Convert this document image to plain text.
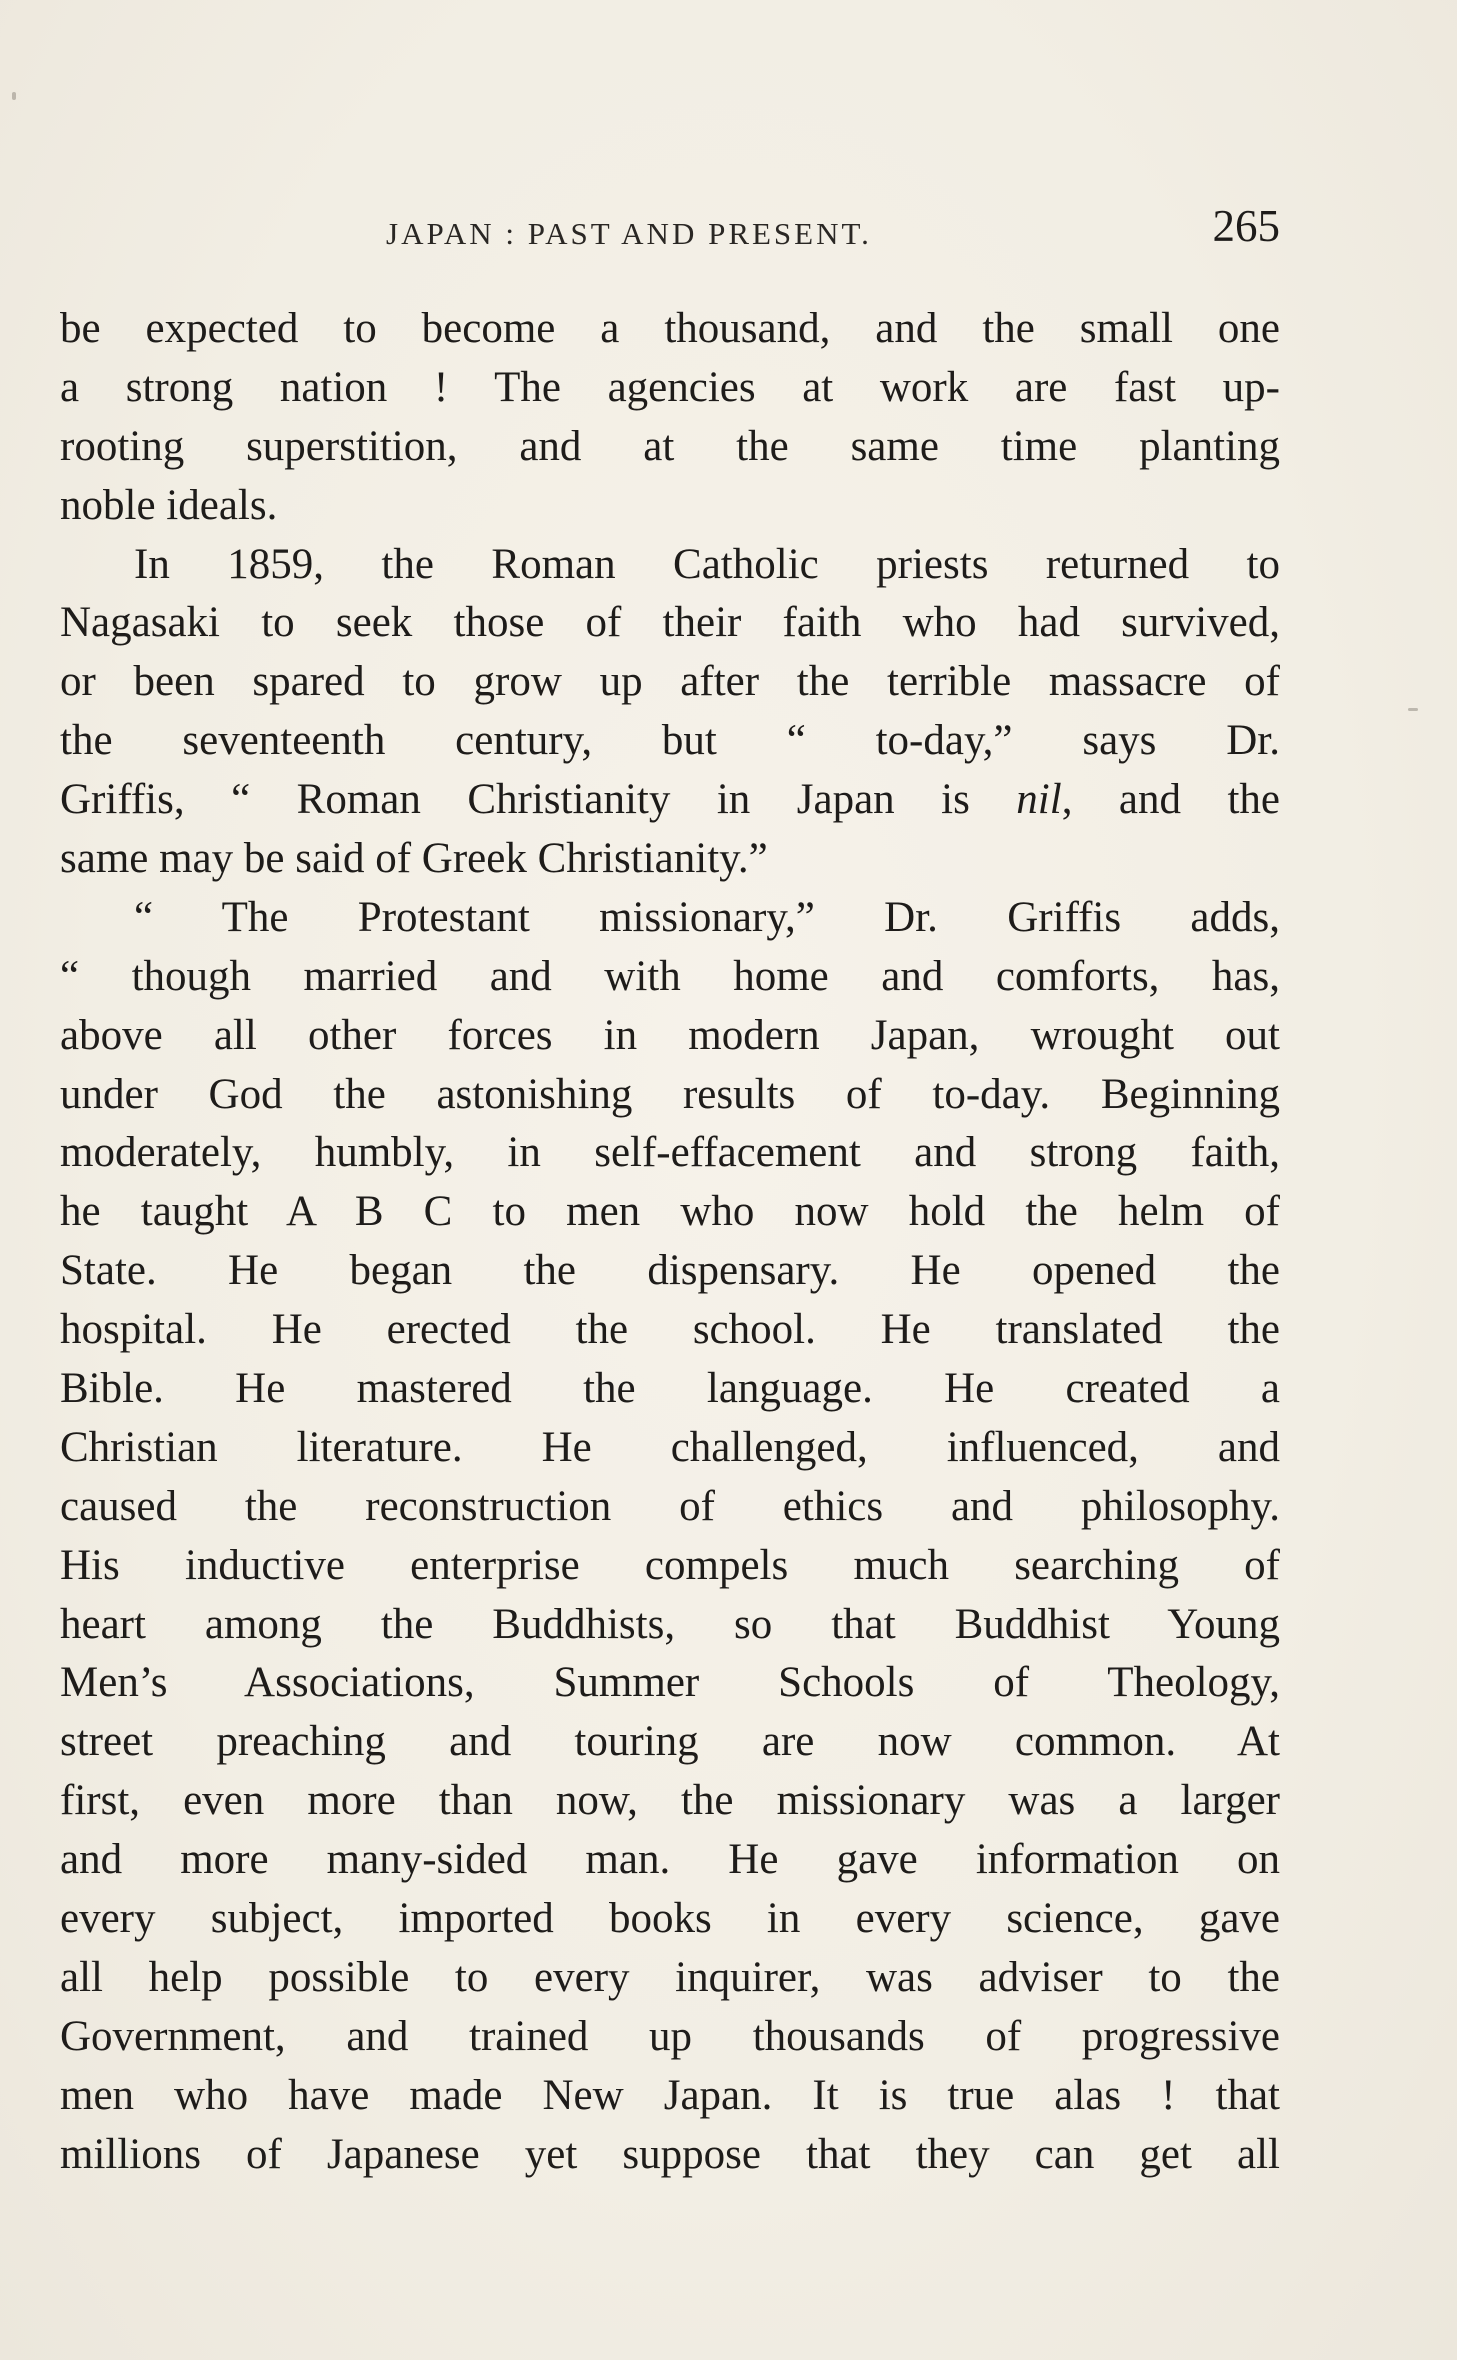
JAPAN : PAST AND PRESENT.	265
be expected to become a thousand, and the small one
a strong nation ! The agencies at work are fast up-
rooting superstition, and at the same time planting
noble ideals.
In 1859, the Roman Catholic priests returned to
Nagasaki to seek those of their faith who had survived,
or been spared to grow up after the terrible massacre of
the seventeenth century, but “ to-day,” says Dr.
Griffis, “ Roman Christianity in Japan is nil, and the
same may be said of Greek Christianity.”
“ The Protestant missionary,” Dr. Griffis adds,
“ though married and with home and comforts, has,
above all other forces in modern Japan, wrought out
under God the astonishing results of to-day. Beginning
moderately, humbly, in self-effacement and strong faith,
he taught A B C to men who now hold the helm of
State. He began the dispensary. He opened the
hospital. He erected the school. He translated the
Bible. He mastered the language. He created a
Christian literature. He challenged, influenced, and
caused the reconstruction of ethics and philosophy.
His inductive enterprise compels much searching of
heart among the Buddhists, so that Buddhist Young
Men’s Associations, Summer Schools of Theology,
street preaching and touring are now common. At
first, even more than now, the missionary was a larger
and more many-sided man. He gave information on
every subject, imported books in every science, gave
all help possible to every inquirer, was adviser to the
Government, and trained up thousands of progressive
men who have made New Japan. It is true alas ! that
millions of Japanese yet suppose that they can get all
